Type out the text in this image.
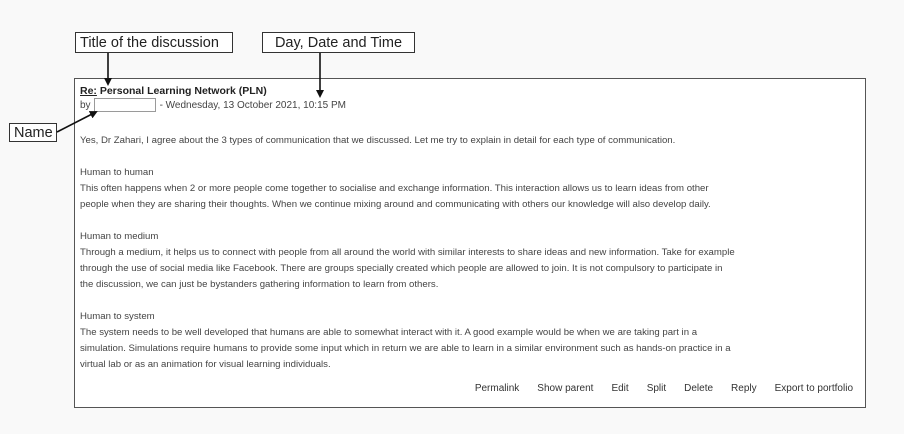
Title of the discussion	Day, Date and Time
Name
Re: Personal Learning Network (PLN)
by	- Wednesday, 13 October 2021, 10:15 PM

Yes, Dr Zahari, I agree about the 3 types of communication that we discussed. Let me try to explain in detail for each type of communication.

Human to human

This often happens when 2 or more people come together to socialise and exchange information. This interaction allows us to learn ideas from other

people when they are sharing their thoughts. When we continue mixing around and communicating with others our knowledge will also develop daily.

Human to medium

Through a medium, it helps us to connect with people from all around the world with similar interests to share ideas and new information. Take for example

through the use of social media like Facebook. There are groups specially created which people are allowed to join. It is not compulsory to participate in

the discussion, we can just be bystanders gathering information to learn from others.

Human to system

The system needs to be well developed that humans are able to somewhat interact with it. A good example would be when we are taking part in a

simulation. Simulations require humans to provide some input which in return we are able to learn in a similar environment such as hands-on practice in a

virtual lab or as an animation for visual learning individuals.

Permalink Show parent Edit Split Delete Reply Export to portfolio
